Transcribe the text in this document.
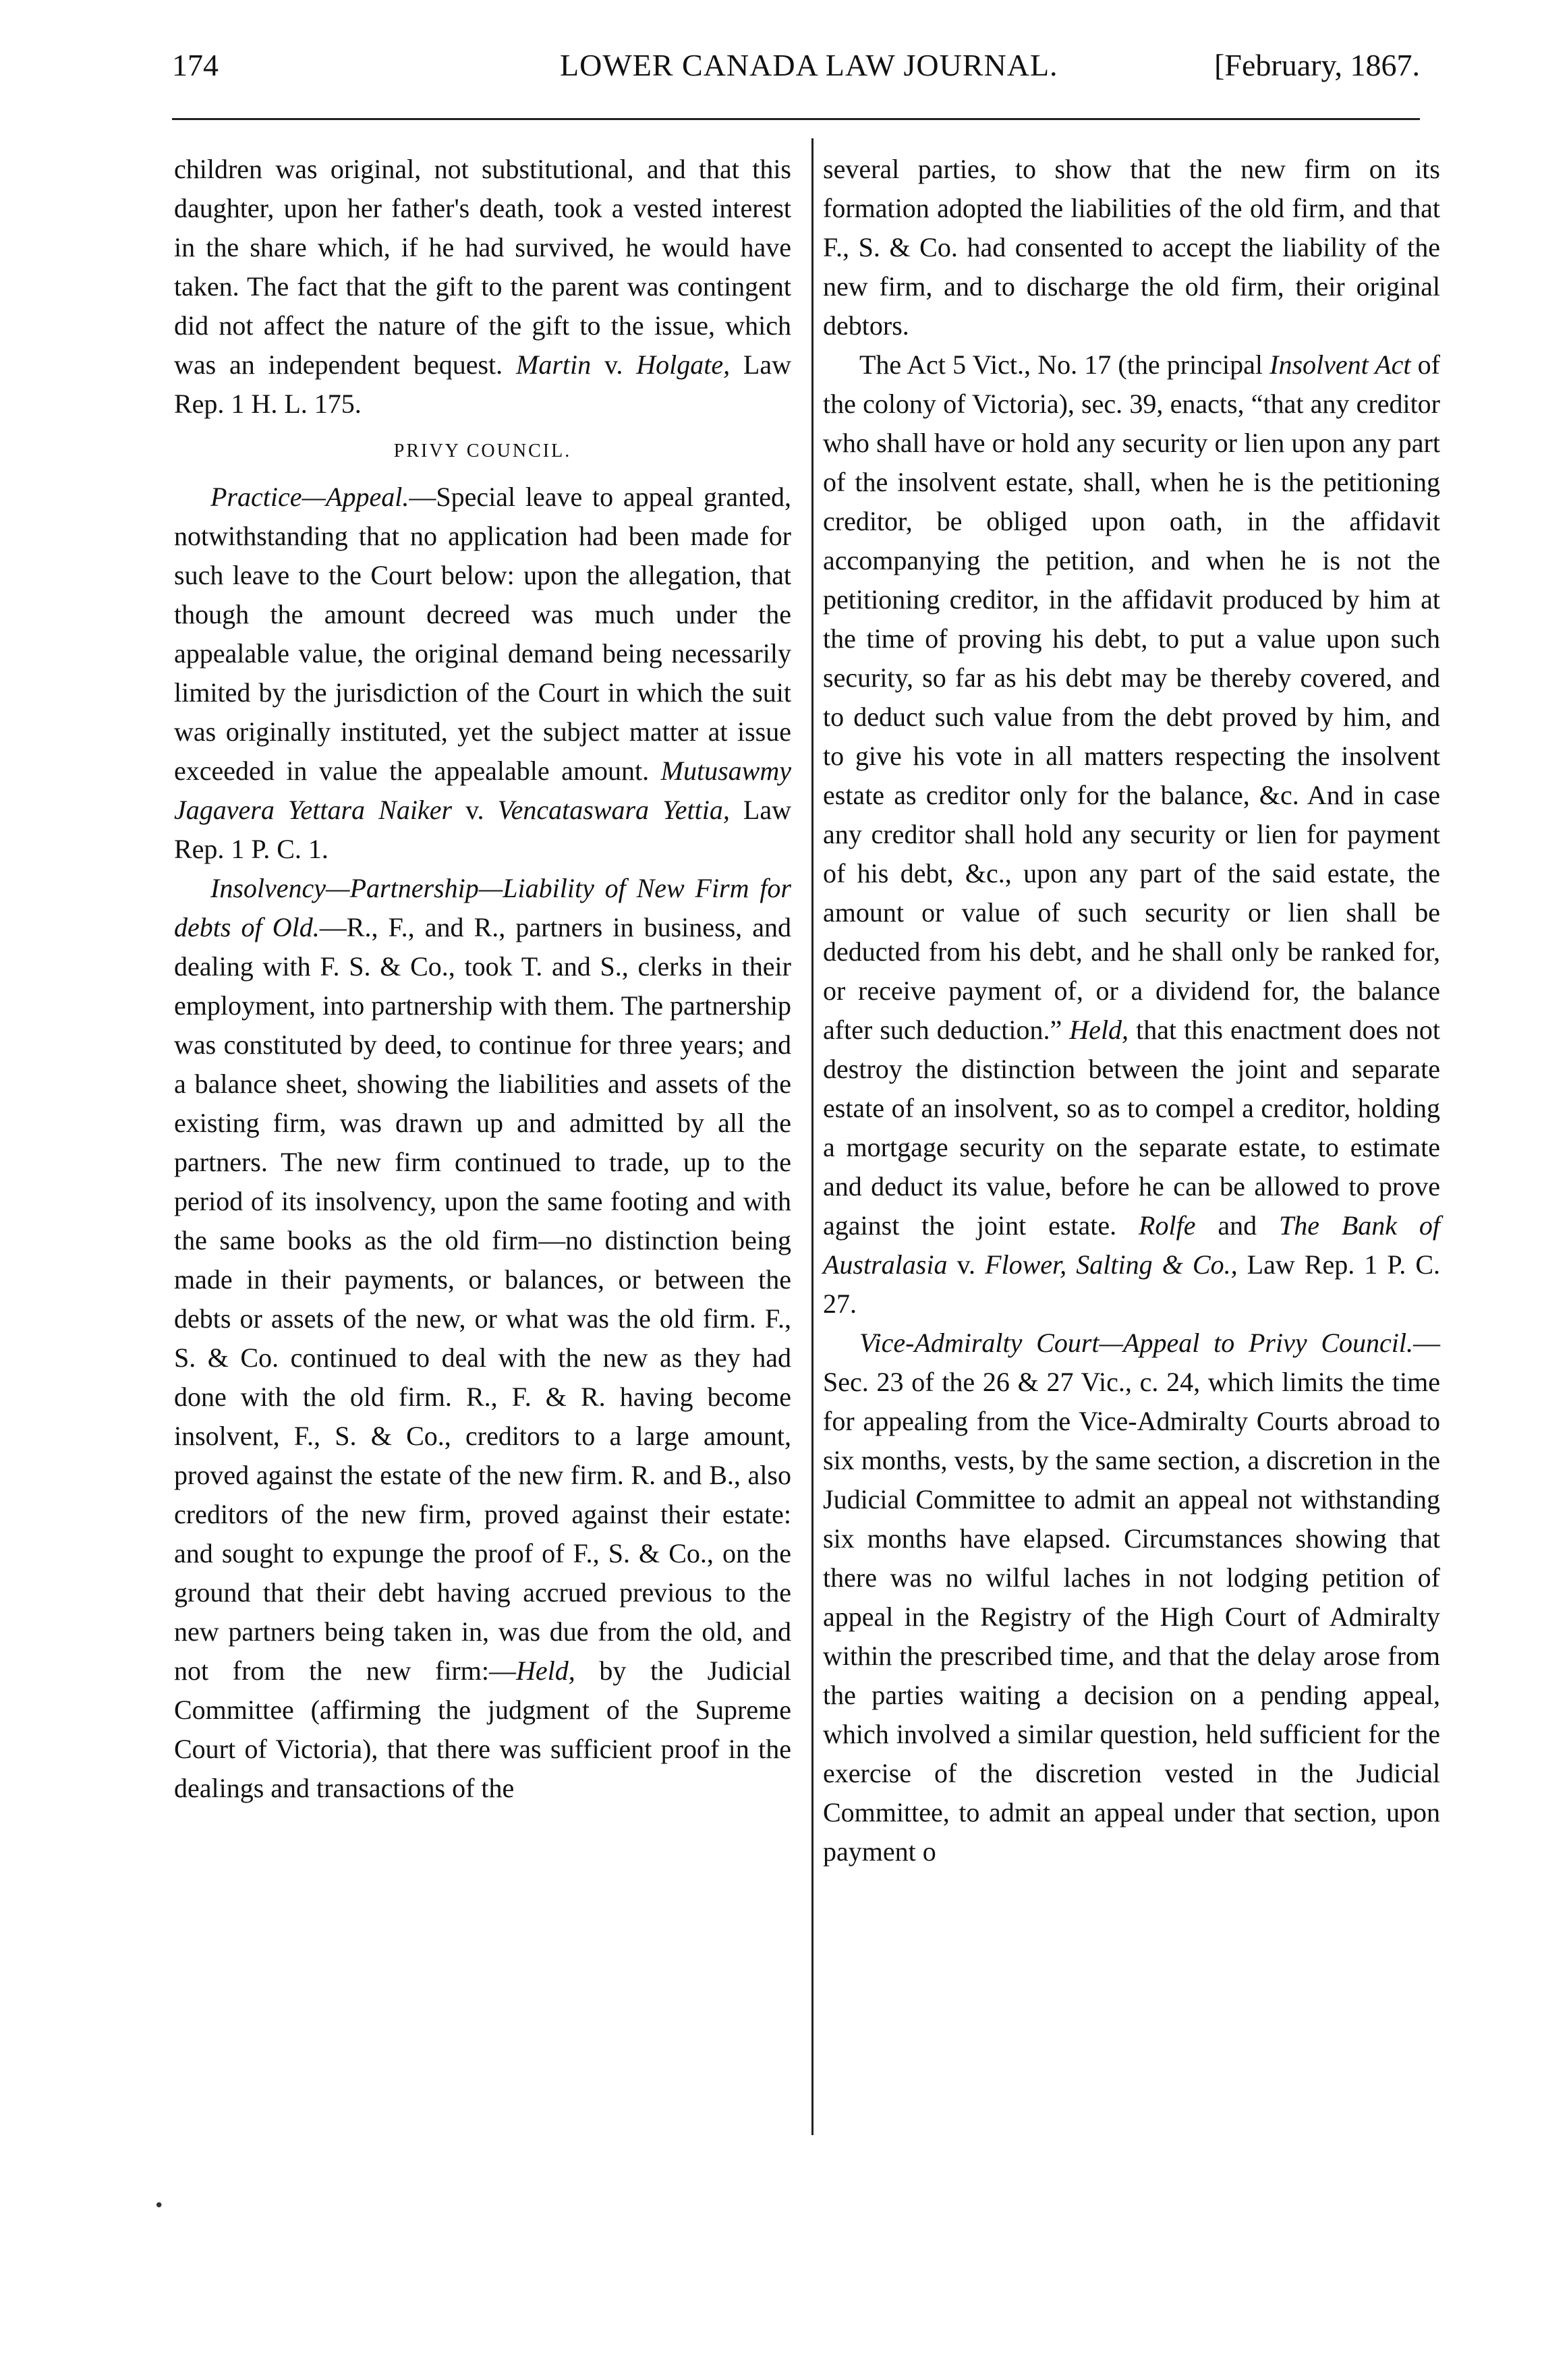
174	LOWER CANADA LAW JOURNAL.	[February, 1867.

children was original, not substitutional, and that this daughter, upon her father's death, took a vested interest in the share which, if he had survived, he would have taken. The fact that the gift to the parent was contingent did not affect the nature of the gift to the issue, which was an independent bequest. Martin v. Holgate, Law Rep. 1 H. L. 175.

PRIVY COUNCIL.

Practice—Appeal.—Special leave to appeal granted, notwithstanding that no application had been made for such leave to the Court below: upon the allegation, that though the amount decreed was much under the appealable value, the original demand being necessarily limited by the jurisdiction of the Court in which the suit was originally instituted, yet the subject matter at issue exceeded in value the appealable amount. Mutusawmy Jagavera Yettara Naiker v. Vencataswara Yettia, Law Rep. 1 P. C. 1.

Insolvency—Partnership—Liability of New Firm for debts of Old.—R., F., and R., partners in business, and dealing with F. S. & Co., took T. and S., clerks in their employment, into partnership with them. The partnership was constituted by deed, to continue for three years; and a balance sheet, showing the liabilities and assets of the existing firm, was drawn up and admitted by all the partners. The new firm continued to trade, up to the period of its insolvency, upon the same footing and with the same books as the old firm—no distinction being made in their payments, or balances, or between the debts or assets of the new, or what was the old firm. F., S. & Co. continued to deal with the new as they had done with the old firm. R., F. & R. having become insolvent, F., S. & Co., creditors to a large amount, proved against the estate of the new firm. R. and B., also creditors of the new firm, proved against their estate: and sought to expunge the proof of F., S. & Co., on the ground that their debt having accrued previous to the new partners being taken in, was due from the old, and not from the new firm:—Held, by the Judicial Committee (affirming the judgment of the Supreme Court of Victoria), that there was sufficient proof in the dealings and transactions of the

several parties, to show that the new firm on its formation adopted the liabilities of the old firm, and that F., S. & Co. had consented to accept the liability of the new firm, and to discharge the old firm, their original debtors.

The Act 5 Vict., No. 17 (the principal Insolvent Act of the colony of Victoria), sec. 39, enacts, “that any creditor who shall have or hold any security or lien upon any part of the insolvent estate, shall, when he is the petitioning creditor, be obliged upon oath, in the affidavit accompanying the petition, and when he is not the petitioning creditor, in the affidavit produced by him at the time of proving his debt, to put a value upon such security, so far as his debt may be thereby covered, and to deduct such value from the debt proved by him, and to give his vote in all matters respecting the insolvent estate as creditor only for the balance, &c. And in case any creditor shall hold any security or lien for payment of his debt, &c., upon any part of the said estate, the amount or value of such security or lien shall be deducted from his debt, and he shall only be ranked for, or receive payment of, or a dividend for, the balance after such deduction.” Held, that this enactment does not destroy the distinction between the joint and separate estate of an insolvent, so as to compel a creditor, holding a mortgage security on the separate estate, to estimate and deduct its value, before he can be allowed to prove against the joint estate. Rolfe and The Bank of Australasia v. Flower, Salting & Co., Law Rep. 1 P. C. 27.

Vice-Admiralty Court—Appeal to Privy Council.—Sec. 23 of the 26 & 27 Vic., c. 24, which limits the time for appealing from the Vice-Admiralty Courts abroad to six months, vests, by the same section, a discretion in the Judicial Committee to admit an appeal not withstanding six months have elapsed. Circumstances showing that there was no wilful laches in not lodging petition of appeal in the Registry of the High Court of Admiralty within the prescribed time, and that the delay arose from the parties waiting a decision on a pending appeal, which involved a similar question, held sufficient for the exercise of the discretion vested in the Judicial Committee, to admit an appeal under that section, upon payment o

•
